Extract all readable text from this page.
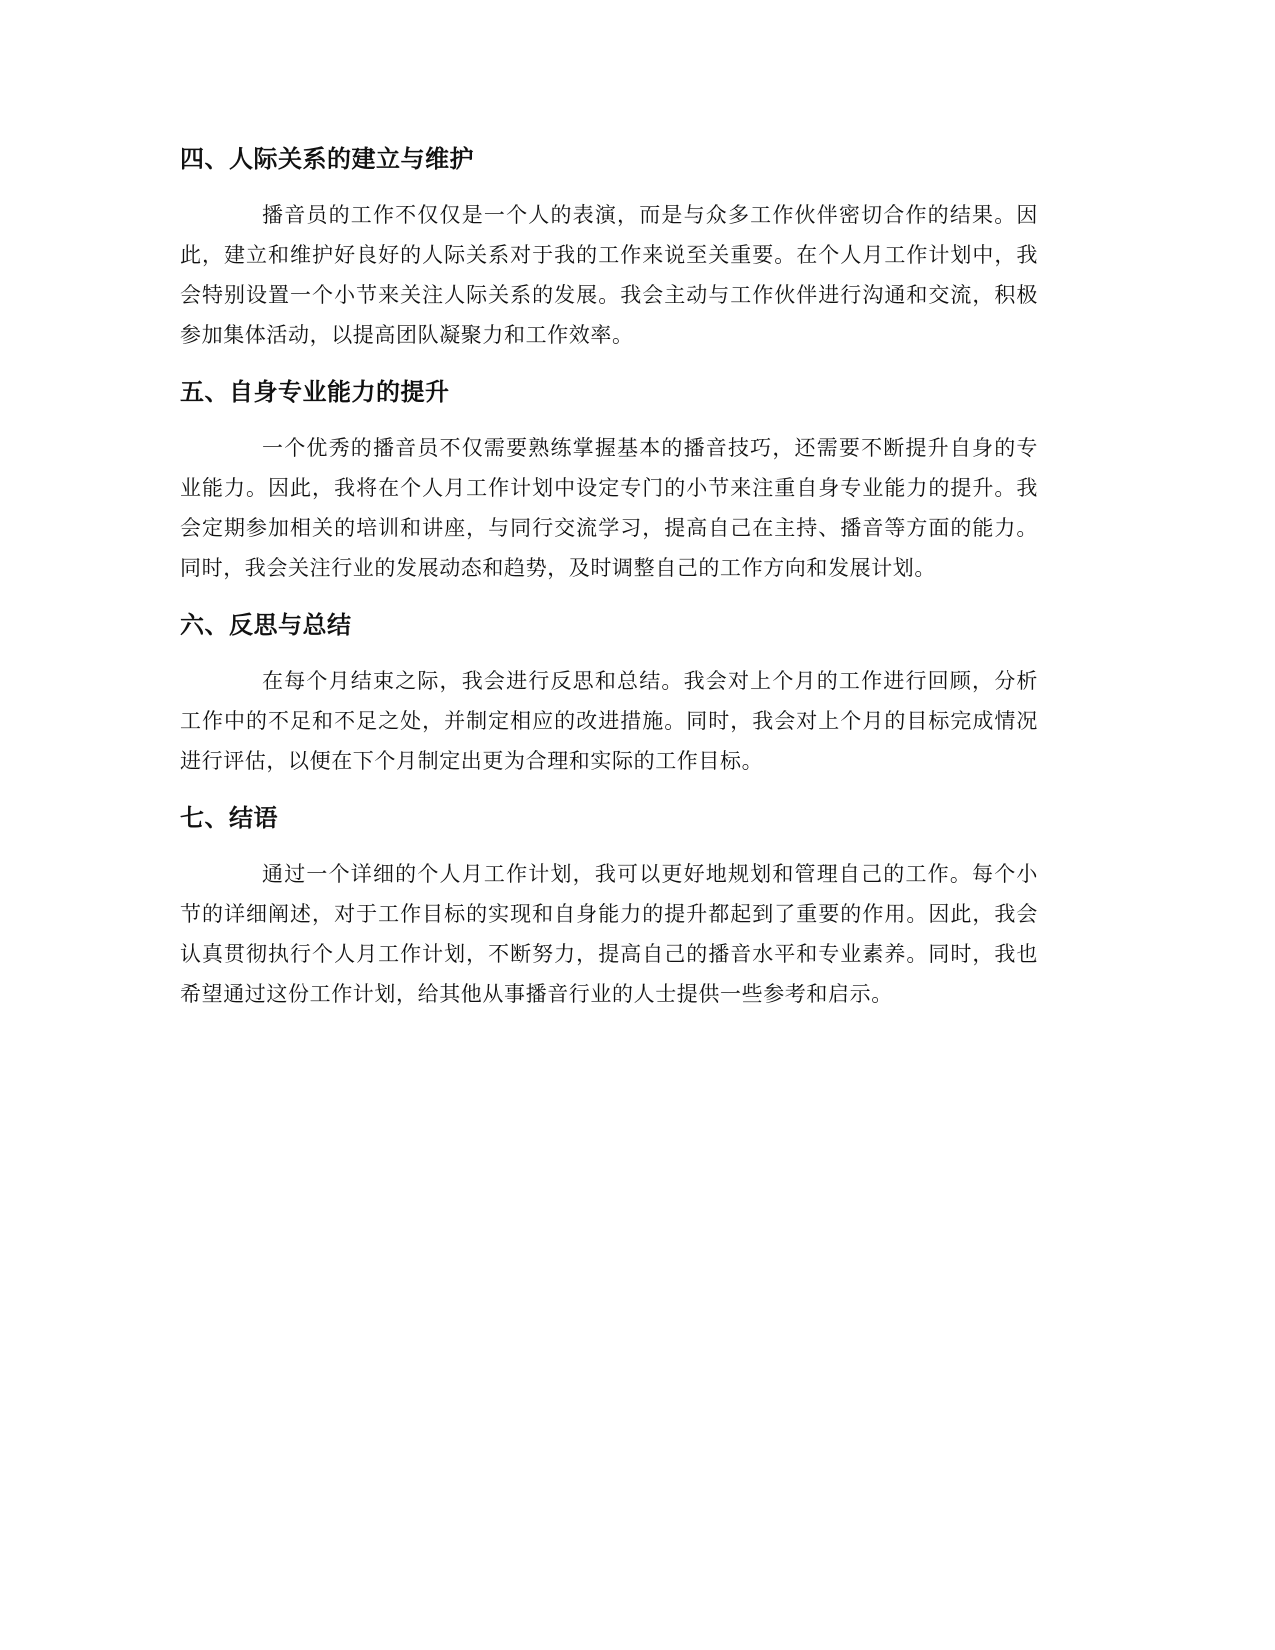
四、人际关系的建立与维护

播音员的工作不仅仅是一个人的表演，而是与众多工作伙伴密切合作的结果。因此，建立和维护好良好的人际关系对于我的工作来说至关重要。在个人月工作计划中，我会特别设置一个小节来关注人际关系的发展。我会主动与工作伙伴进行沟通和交流，积极参加集体活动，以提高团队凝聚力和工作效率。

五、自身专业能力的提升

一个优秀的播音员不仅需要熟练掌握基本的播音技巧，还需要不断提升自身的专业能力。因此，我将在个人月工作计划中设定专门的小节来注重自身专业能力的提升。我会定期参加相关的培训和讲座，与同行交流学习，提高自己在主持、播音等方面的能力。同时，我会关注行业的发展动态和趋势，及时调整自己的工作方向和发展计划。

六、反思与总结

在每个月结束之际，我会进行反思和总结。我会对上个月的工作进行回顾，分析工作中的不足和不足之处，并制定相应的改进措施。同时，我会对上个月的目标完成情况进行评估，以便在下个月制定出更为合理和实际的工作目标。

七、结语

通过一个详细的个人月工作计划，我可以更好地规划和管理自己的工作。每个小节的详细阐述，对于工作目标的实现和自身能力的提升都起到了重要的作用。因此，我会认真贯彻执行个人月工作计划，不断努力，提高自己的播音水平和专业素养。同时，我也希望通过这份工作计划，给其他从事播音行业的人士提供一些参考和启示。
